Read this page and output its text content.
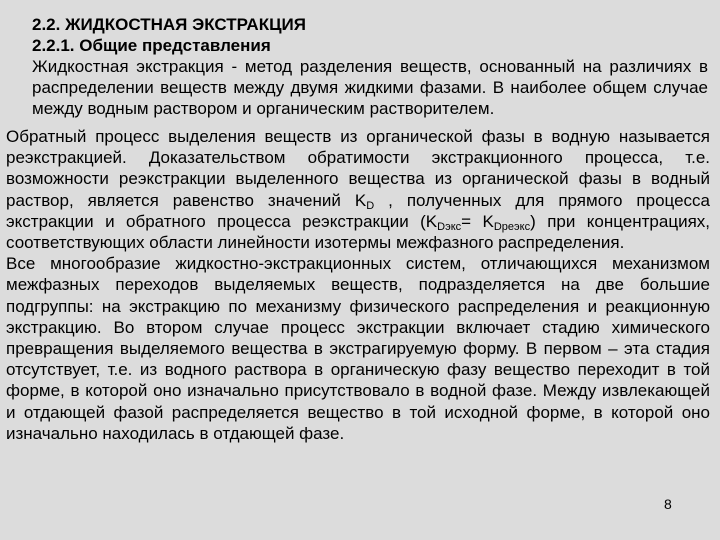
2.2. ЖИДКОСТНАЯ ЭКСТРАКЦИЯ
2.2.1. Общие представления
Жидкостная экстракция - метод разделения веществ, основанный на различиях в распределении веществ между двумя жидкими фазами. В наиболее общем случае между водным раствором и органическим растворителем.
Обратный процесс выделения веществ из органической фазы в водную называется реэкстракцией. Доказательством обратимости экстракционного процесса, т.е. возможности реэкстракции выделенного вещества из органической фазы в водный раствор, является равенство значений $K_D$ , полученных для прямого процесса экстракции и обратного процесса реэкстракции $(K_{Dэкс}= K_{Dреэкс})$ при концентрациях, соответствующих области линейности изотермы межфазного распределения.
Все многообразие жидкостно-экстракционных систем, отличающихся механизмом межфазных переходов выделяемых веществ, подразделяется на две большие подгруппы: на экстракцию по механизму физического распределения и реакционную экстракцию. Во втором случае процесс экстракции включает стадию химического превращения выделяемого вещества в экстрагируемую форму. В первом – эта стадия отсутствует, т.е. из водного раствора в органическую фазу вещество переходит в той форме, в которой оно изначально присутствовало в водной фазе. Между извлекающей и отдающей фазой распределяется вещество в той исходной форме, в которой оно изначально находилась в отдающей фазе.
8
